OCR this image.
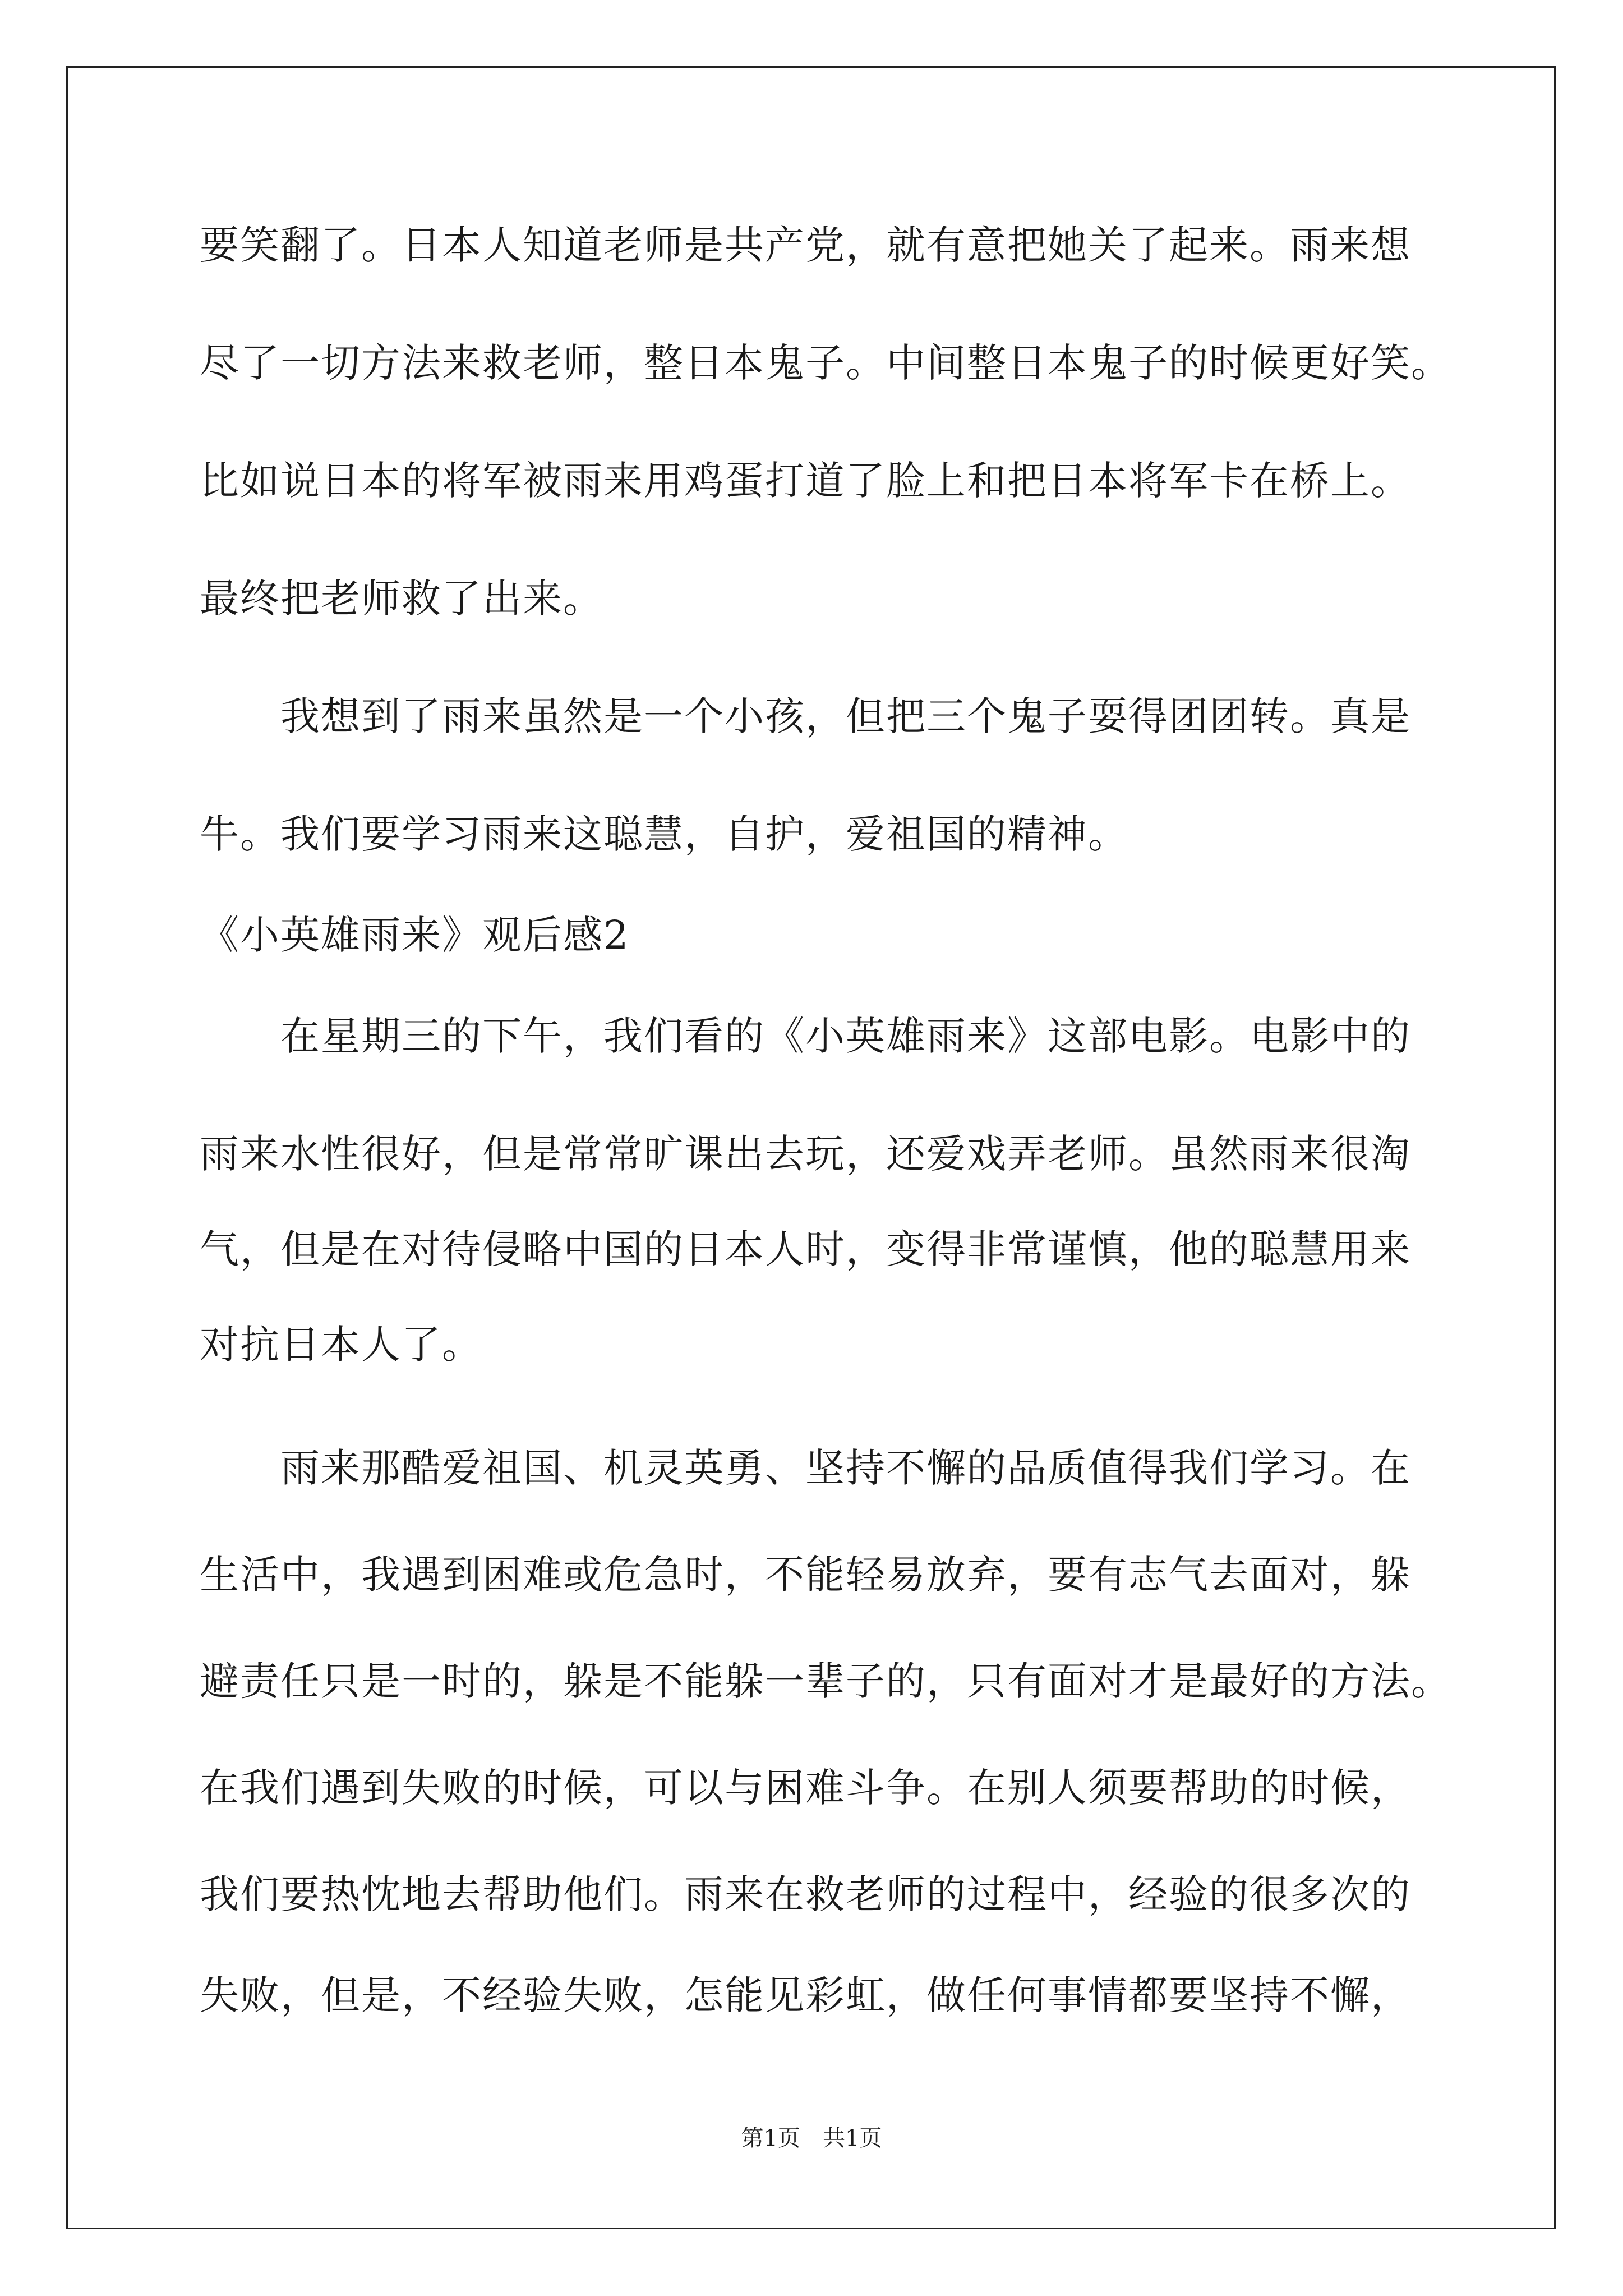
要笑翻了。日本人知道老师是共产党，就有意把她关了起来。雨来想
尽了一切方法来救老师，整日本鬼子。中间整日本鬼子的时候更好笑。
比如说日本的将军被雨来用鸡蛋打道了脸上和把日本将军卡在桥上。
最终把老师救了出来。
我想到了雨来虽然是一个小孩，但把三个鬼子耍得团团转。真是
牛。我们要学习雨来这聪慧，自护，爱祖国的精神。
《小英雄雨来》观后感2
在星期三的下午，我们看的《小英雄雨来》这部电影。电影中的
雨来水性很好，但是常常旷课出去玩，还爱戏弄老师。虽然雨来很淘
气，但是在对待侵略中国的日本人时，变得非常谨慎，他的聪慧用来
对抗日本人了。
雨来那酷爱祖国、机灵英勇、坚持不懈的品质值得我们学习。在
生活中，我遇到困难或危急时，不能轻易放弃，要有志气去面对，躲
避责任只是一时的，躲是不能躲一辈子的，只有面对才是最好的方法。
在我们遇到失败的时候，可以与困难斗争。在别人须要帮助的时候，
我们要热忱地去帮助他们。雨来在救老师的过程中，经验的很多次的
失败，但是，不经验失败，怎能见彩虹，做任何事情都要坚持不懈，
第1页　共1页
